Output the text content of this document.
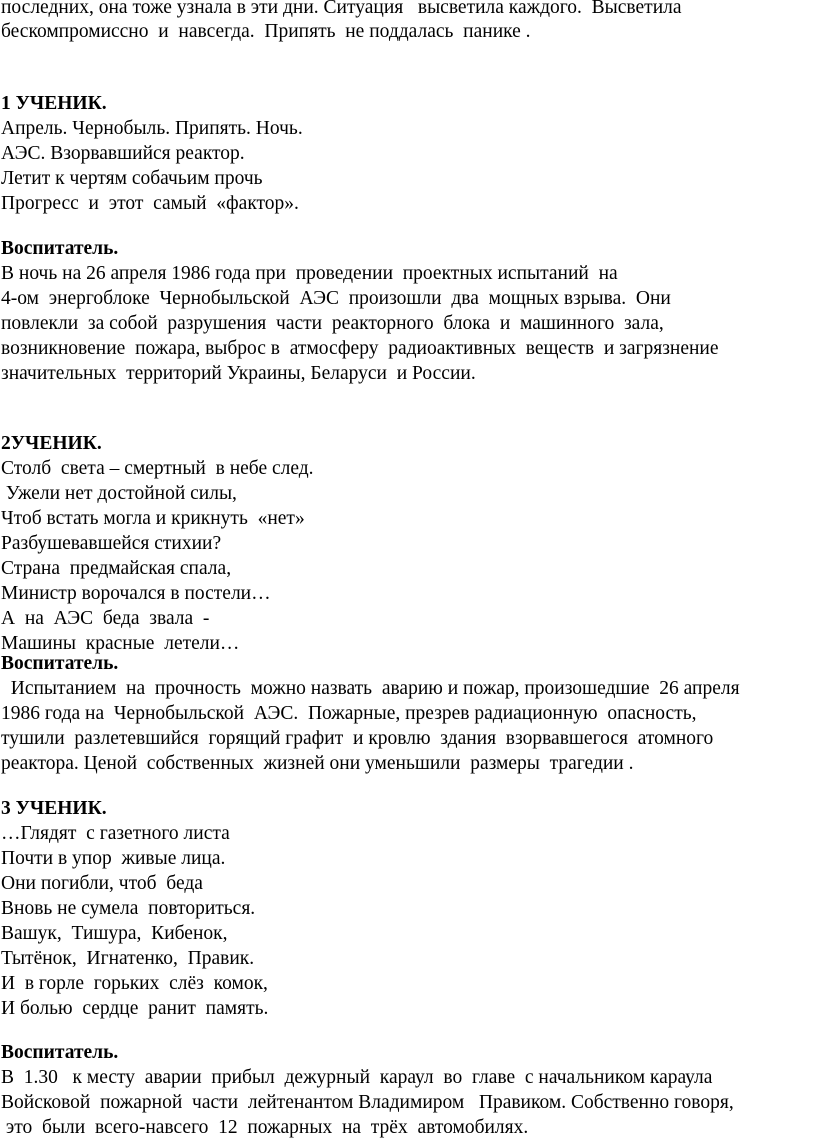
последних, она тоже узнала в эти дни. Ситуация   высветила каждого.  Высветила
бескомпромиссно  и  навсегда.  Припять  не поддалась  панике .
1 УЧЕНИК.
Апрель. Чернобыль. Припять. Ночь.
АЭС. Взорвавшийся реактор.
Летит к чертям собачьим прочь
Прогресс  и  этот  самый  «фактор».
Воспитатель.
В ночь на 26 апреля 1986 года при  проведении  проектных испытаний  на
4-ом  энергоблоке  Чернобыльской  АЭС  произошли  два  мощных взрыва.  Они
повлекли  за собой  разрушения  части  реакторного  блока  и  машинного  зала,
возникновение  пожара, выброс в  атмосферу  радиоактивных  веществ  и загрязнение
значительных  территорий Украины, Беларуси  и России.
2УЧЕНИК.
Столб  света – смертный  в небе след.
Ужели нет достойной силы,
Чтоб встать могла и крикнуть  «нет»
Разбушевавшейся стихии?
Страна  предмайская спала,
Министр ворочался в постели…
А  на  АЭС  беда  звала  -
Машины  красные  летели…
Воспитатель.
Испытанием  на  прочность  можно назвать  аварию и пожар, произошедшие  26 апреля
1986 года на  Чернобыльской  АЭС.  Пожарные, презрев радиационную  опасность,
тушили  разлетевшийся  горящий графит  и кровлю  здания  взорвавшегося  атомного
реактора. Ценой  собственных  жизней они уменьшили  размеры  трагедии .
3 УЧЕНИК.
…Глядят  с газетного листа
Почти в упор  живые лица.
Они погибли, чтоб  беда
Вновь не сумела  повториться.
Вашук,  Тишура,  Кибенок,
Тытёнок,  Игнатенко,  Правик.
И  в горле  горьких  слёз  комок,
И болью  сердце  ранит  память.
Воспитатель.
В  1.30   к месту  аварии  прибыл  дежурный  караул  во  главе  с начальником караула
Войсковой  пожарной  части  лейтенантом Владимиром   Правиком. Собственно говоря,
это  были  всего-навсего  12  пожарных  на  трёх  автомобилях.
